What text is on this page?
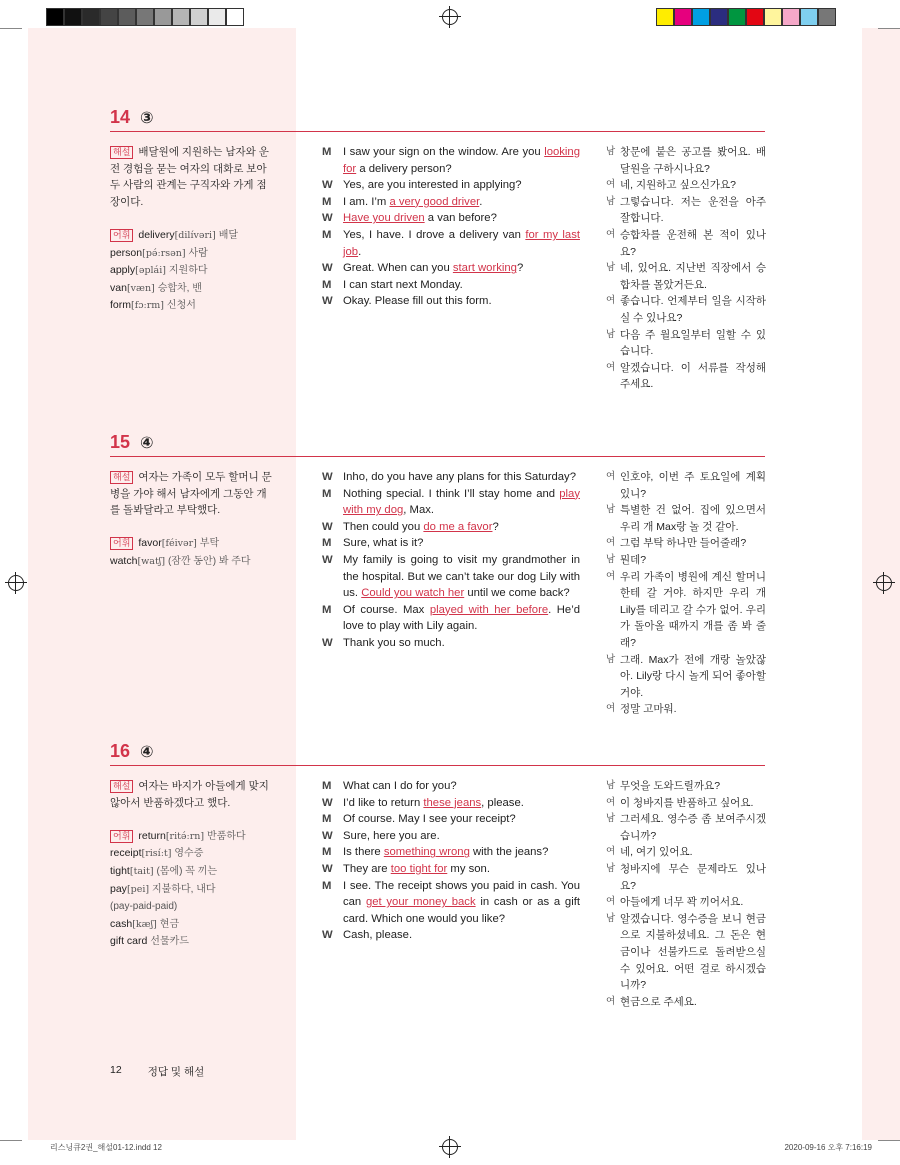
14 ③
해설 배달원에 지원하는 남자와 운전 경험을 묻는 여자의 대화로 보아 두 사람의 관계는 구직자와 가게 점장이다.
어휘 delivery[dilívəri] 배달
person[pə́ːrsən] 사람
apply[əplái] 지원하다
van[væn] 승합차, 밴
form[fɔːrm] 신청서
M	I saw your sign on the window. Are you looking for a delivery person?
W Yes, are you interested in applying?
M	I am. I’m a very good driver.
W Have you driven a van before?
M	Yes, I have. I drove a delivery van for my last job.
W Great. When can you start working?
M	I can start next Monday.
W Okay. Please fill out this form.
남 창문에 붙은 공고를 봤어요. 배달원을 구하시나요?
여 네, 지원하고 싶으신가요?
남 그렇습니다. 저는 운전을 아주 잘합니다.
여 승합차를 운전해 본 적이 있나요?
남 네, 있어요. 지난번 직장에서 승합차를 몰았거든요.
여 좋습니다. 언제부터 일을 시작하실 수 있나요?
남 다음 주 월요일부터 일할 수 있습니다.
여 알겠습니다. 이 서류를 작성해 주세요.
15 ④
해설 여자는 가족이 모두 할머니 문병을 가야 해서 남자에게 그동안 개를 돌봐달라고 부탁했다.
어휘 favor[féivər] 부탁
watch[watʃ] (잠깐 동안) 봐 주다
W Inho, do you have any plans for this Saturday?
M	Nothing special. I think I’ll stay home and play with my dog, Max.
W Then could you do me a favor?
M	Sure, what is it?
W My family is going to visit my grandmother in the hospital. But we can’t take our dog Lily with us. Could you watch her until we come back?
M	Of course. Max played with her before. He’d love to play with Lily again.
W Thank you so much.
여 인호야, 이번 주 토요일에 계획 있니?
남 특별한 건 없어. 집에 있으면서 우리 개 Max랑 놀 것 같아.
여 그럼 부탁 하나만 들어줄래?
남 뭔데?
여 우리 가족이 병원에 계신 할머니한테 갈 거야. 하지만 우리 개 Lily를 데리고 갈 수가 없어. 우리가 돌아올 때까지 개를 좀 봐 줄래?
남 그래. Max가 전에 개랑 놀았잖아. Lily랑 다시 놀게 되어 좋아할 거야.
여 정말 고마워.
16 ④
해설 여자는 바지가 아들에게 맞지 않아서 반품하겠다고 했다.
어휘 return[ritə́ːrn] 반품하다
receipt[risíːt] 영수증
tight[tait] (몸에) 꼭 끼는
pay[pei] 지불하다, 내다
(pay-paid-paid)
cash[kæʃ] 현금
gift card 선물카드
M	What can I do for you?
W I’d like to return these jeans, please.
M	Of course. May I see your receipt?
W Sure, here you are.
M	Is there something wrong with the jeans?
W They are too tight for my son.
M	I see. The receipt shows you paid in cash. You can get your money back in cash or as a gift card. Which one would you like?
W Cash, please.
남 무엇을 도와드릴까요?
여 이 청바지를 반품하고 싶어요.
남 그러세요. 영수증 좀 보여주시겠습니까?
여 네, 여기 있어요.
남 청바지에 무슨 문제라도 있나요?
여 아들에게 너무 꽉 끼어서요.
남 알겠습니다. 영수증을 보니 현금으로 지불하셨네요. 그 돈은 현금이나 선불카드로 돌려받으실 수 있어요. 어떤 걸로 하시겠습니까?
여 현금으로 주세요.
12 정답 및 해설
리스닝큐2권_해설01-12.indd 12	2020-09-16 오후 7:16:19
